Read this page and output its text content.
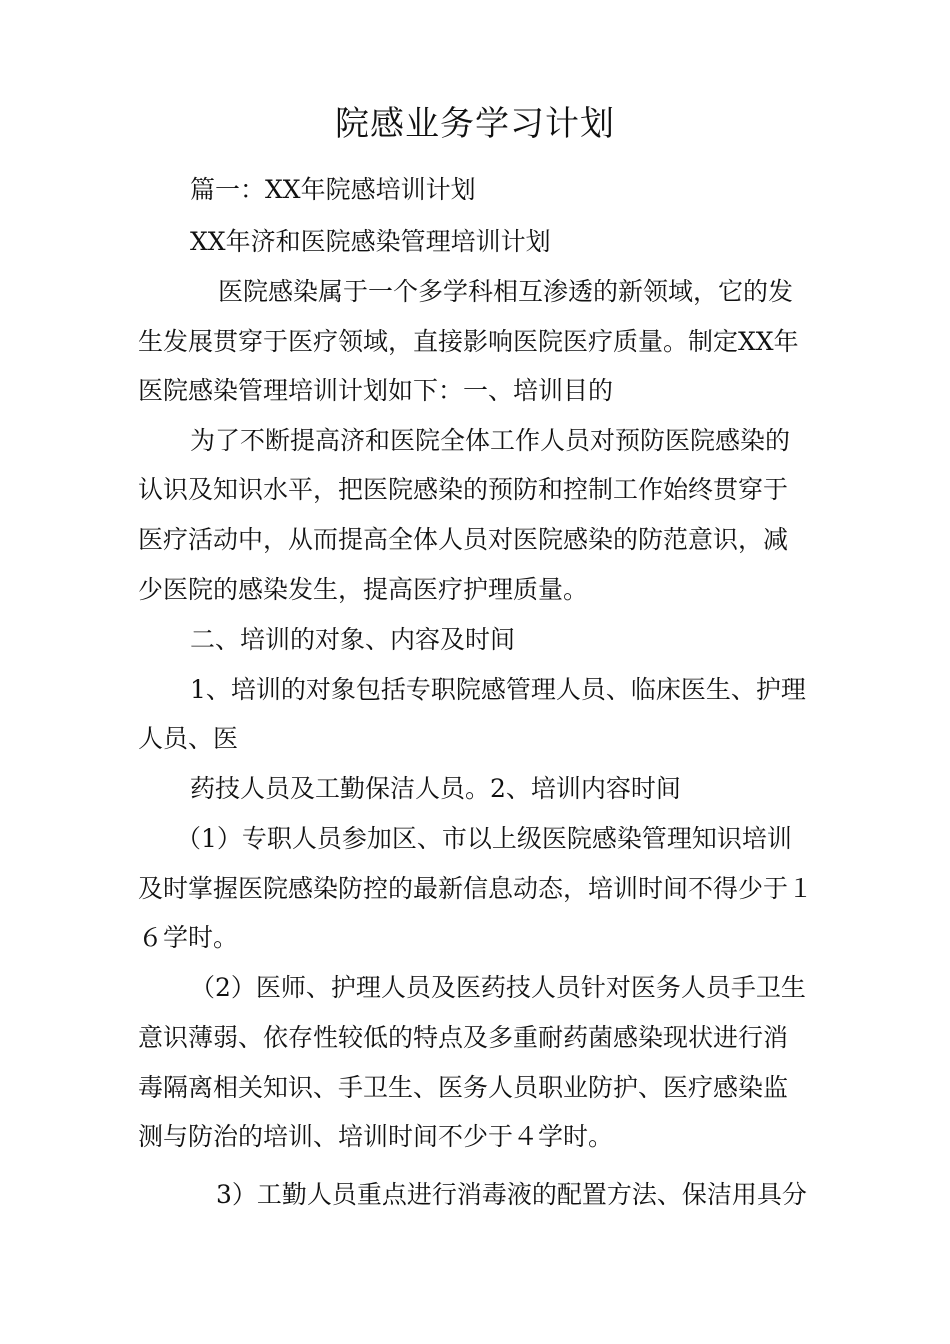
院感业务学习计划
篇一：XX年院感培训计划
XX年济和医院感染管理培训计划
医院感染属于一个多学科相互渗透的新领域，它的发
生发展贯穿于医疗领域，直接影响医院医疗质量。制定XX年
医院感染管理培训计划如下：一、培训目的
为了不断提高济和医院全体工作人员对预防医院感染的
认识及知识水平，把医院感染的预防和控制工作始终贯穿于
医疗活动中，从而提高全体人员对医院感染的防范意识，减
少医院的感染发生，提高医疗护理质量。
二、培训的对象、内容及时间
1、培训的对象包括专职院感管理人员、临床医生、护理
人员、医
药技人员及工勤保洁人员。2、培训内容时间
（1）专职人员参加区、市以上级医院感染管理知识培训
及时掌握医院感染防控的最新信息动态，培训时间不得少于１
６学时。
（2）医师、护理人员及医药技人员针对医务人员手卫生
意识薄弱、依存性较低的特点及多重耐药菌感染现状进行消
毒隔离相关知识、手卫生、医务人员职业防护、医疗感染监
测与防治的培训、培训时间不少于４学时。
3）工勤人员重点进行消毒液的配置方法、保洁用具分
